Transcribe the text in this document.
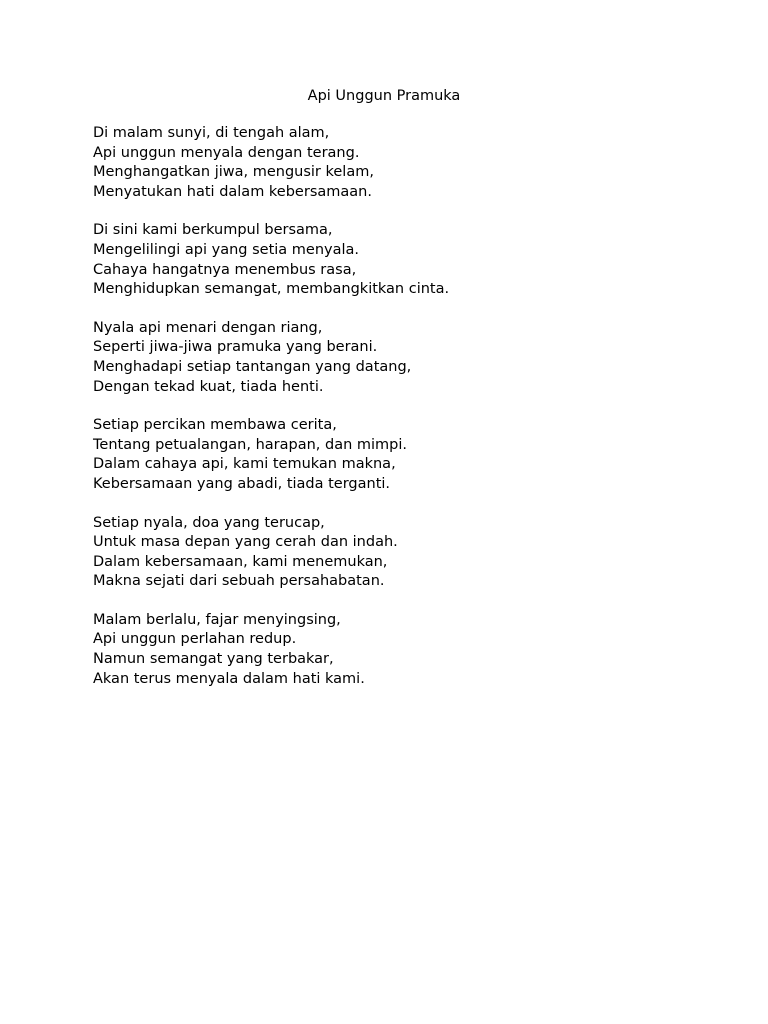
Api Unggun Pramuka
Di malam sunyi, di tengah alam,
Api unggun menyala dengan terang.
Menghangatkan jiwa, mengusir kelam,
Menyatukan hati dalam kebersamaan.
Di sini kami berkumpul bersama,
Mengelilingi api yang setia menyala.
Cahaya hangatnya menembus rasa,
Menghidupkan semangat, membangkitkan cinta.
Nyala api menari dengan riang,
Seperti jiwa-jiwa pramuka yang berani.
Menghadapi setiap tantangan yang datang,
Dengan tekad kuat, tiada henti.
Setiap percikan membawa cerita,
Tentang petualangan, harapan, dan mimpi.
Dalam cahaya api, kami temukan makna,
Kebersamaan yang abadi, tiada terganti.
Setiap nyala, doa yang terucap,
Untuk masa depan yang cerah dan indah.
Dalam kebersamaan, kami menemukan,
Makna sejati dari sebuah persahabatan.
Malam berlalu, fajar menyingsing,
Api unggun perlahan redup.
Namun semangat yang terbakar,
Akan terus menyala dalam hati kami.
